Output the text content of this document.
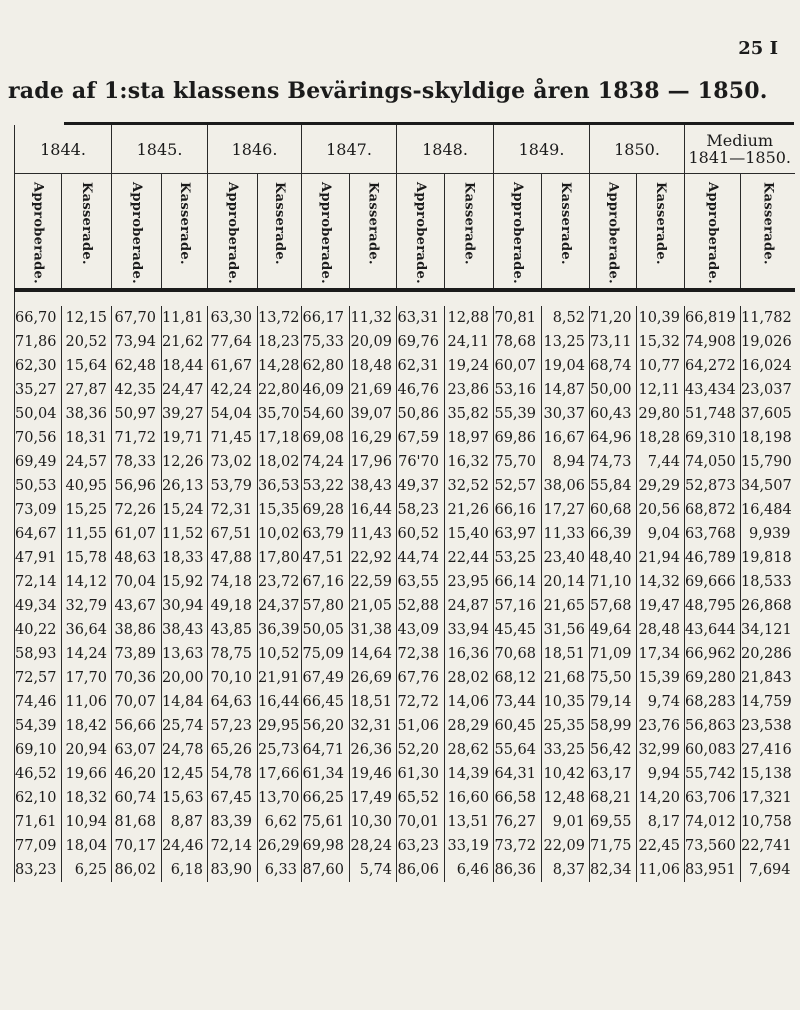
25 I
rade af 1:sta klassens Bevärings-skyldige åren 1838 — 1850.
1844.		1845.		1846.		1847.		1848.		1849.		1850.		Medium 1841—1850.	
Approberade.	Kasserade.	Approberade.	Kasserade.	Approberade.	Kasserade.	Approberade.	Kasserade.	Approberade.	Kasserade.	Approberade.	Kasserade.	Approberade.	Kasserade.	Approberade.	Kasserade.

66,70	12,15	67,70	11,81	63,30	13,72	66,17	11,32	63,31	12,88	70,81	8,52	71,20	10,39	66,819	11,782
71,86	20,52	73,94	21,62	77,64	18,23	75,33	20,09	69,76	24,11	78,68	13,25	73,11	15,32	74,908	19,026
62,30	15,64	62,48	18,44	61,67	14,28	62,80	18,48	62,31	19,24	60,07	19,04	68,74	10,77	64,272	16,024
35,27	27,87	42,35	24,47	42,24	22,80	46,09	21,69	46,76	23,86	53,16	14,87	50,00	12,11	43,434	23,037
50,04	38,36	50,97	39,27	54,04	35,70	54,60	39,07	50,86	35,82	55,39	30,37	60,43	29,80	51,748	37,605
70,56	18,31	71,72	19,71	71,45	17,18	69,08	16,29	67,59	18,97	69,86	16,67	64,96	18,28	69,310	18,198
69,49	24,57	78,33	12,26	73,02	18,02	74,24	17,96	76'70	16,32	75,70	8,94	74,73	7,44	74,050	15,790
50,53	40,95	56,96	26,13	53,79	36,53	53,22	38,43	49,37	32,52	52,57	38,06	55,84	29,29	52,873	34,507
73,09	15,25	72,26	15,24	72,31	15,35	69,28	16,44	58,23	21,26	66,16	17,27	60,68	20,56	68,872	16,484
64,67	11,55	61,07	11,52	67,51	10,02	63,79	11,43	60,52	15,40	63,97	11,33	66,39	9,04	63,768	9,939
47,91	15,78	48,63	18,33	47,88	17,80	47,51	22,92	44,74	22,44	53,25	23,40	48,40	21,94	46,789	19,818
72,14	14,12	70,04	15,92	74,18	23,72	67,16	22,59	63,55	23,95	66,14	20,14	71,10	14,32	69,666	18,533
49,34	32,79	43,67	30,94	49,18	24,37	57,80	21,05	52,88	24,87	57,16	21,65	57,68	19,47	48,795	26,868
40,22	36,64	38,86	38,43	43,85	36,39	50,05	31,38	43,09	33,94	45,45	31,56	49,64	28,48	43,644	34,121
58,93	14,24	73,89	13,63	78,75	10,52	75,09	14,64	72,38	16,36	70,68	18,51	71,09	17,34	66,962	20,286
72,57	17,70	70,36	20,00	70,10	21,91	67,49	26,69	67,76	28,02	68,12	21,68	75,50	15,39	69,280	21,843
74,46	11,06	70,07	14,84	64,63	16,44	66,45	18,51	72,72	14,06	73,44	10,35	79,14	9,74	68,283	14,759
54,39	18,42	56,66	25,74	57,23	29,95	56,20	32,31	51,06	28,29	60,45	25,35	58,99	23,76	56,863	23,538
69,10	20,94	63,07	24,78	65,26	25,73	64,71	26,36	52,20	28,62	55,64	33,25	56,42	32,99	60,083	27,416
46,52	19,66	46,20	12,45	54,78	17,66	61,34	19,46	61,30	14,39	64,31	10,42	63,17	9,94	55,742	15,138
62,10	18,32	60,74	15,63	67,45	13,70	66,25	17,49	65,52	16,60	66,58	12,48	68,21	14,20	63,706	17,321
71,61	10,94	81,68	8,87	83,39	6,62	75,61	10,30	70,01	13,51	76,27	9,01	69,55	8,17	74,012	10,758
77,09	18,04	70,17	24,46	72,14	26,29	69,98	28,24	63,23	33,19	73,72	22,09	71,75	22,45	73,560	22,741
83,23	6,25	86,02	6,18	83,90	6,33	87,60	5,74	86,06	6,46	86,36	8,37	82,34	11,06	83,951	7,694
